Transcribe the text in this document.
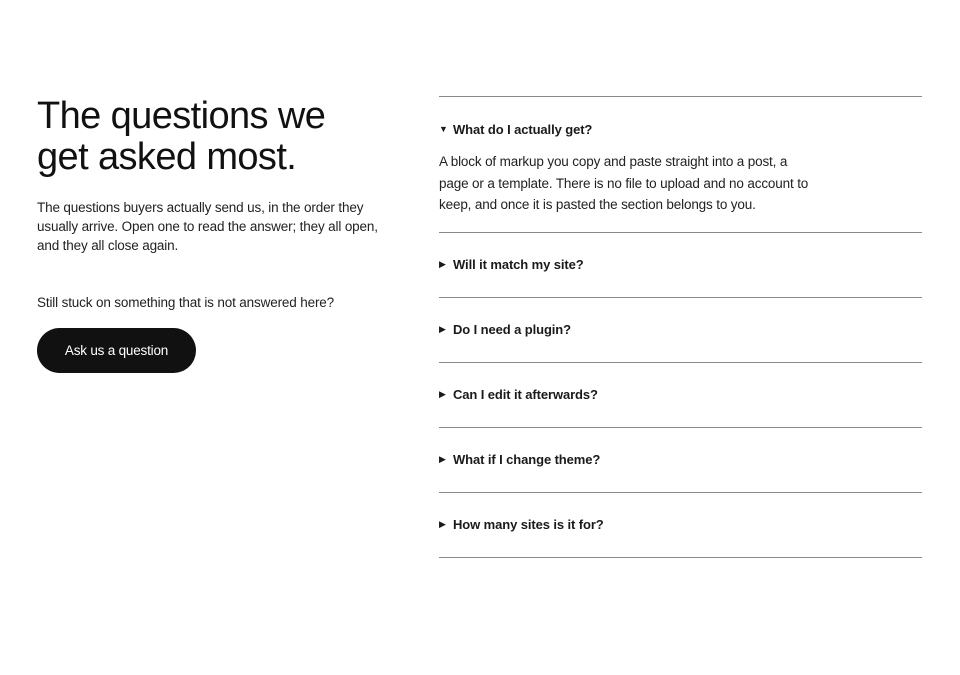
The questions we
get asked most.

The questions buyers actually send us, in the order they usually arrive. Open one to read the answer; they all open, and they all close again.

Still stuck on something that is not answered here?

Ask us a question
▼ What do I actually get?

A block of markup you copy and paste straight into a post, a page or a template. There is no file to upload and no account to keep, and once it is pasted the section belongs to you.

▶ Will it match my site?
▶ Do I need a plugin?
▶ Can I edit it afterwards?
▶ What if I change theme?
▶ How many sites is it for?
